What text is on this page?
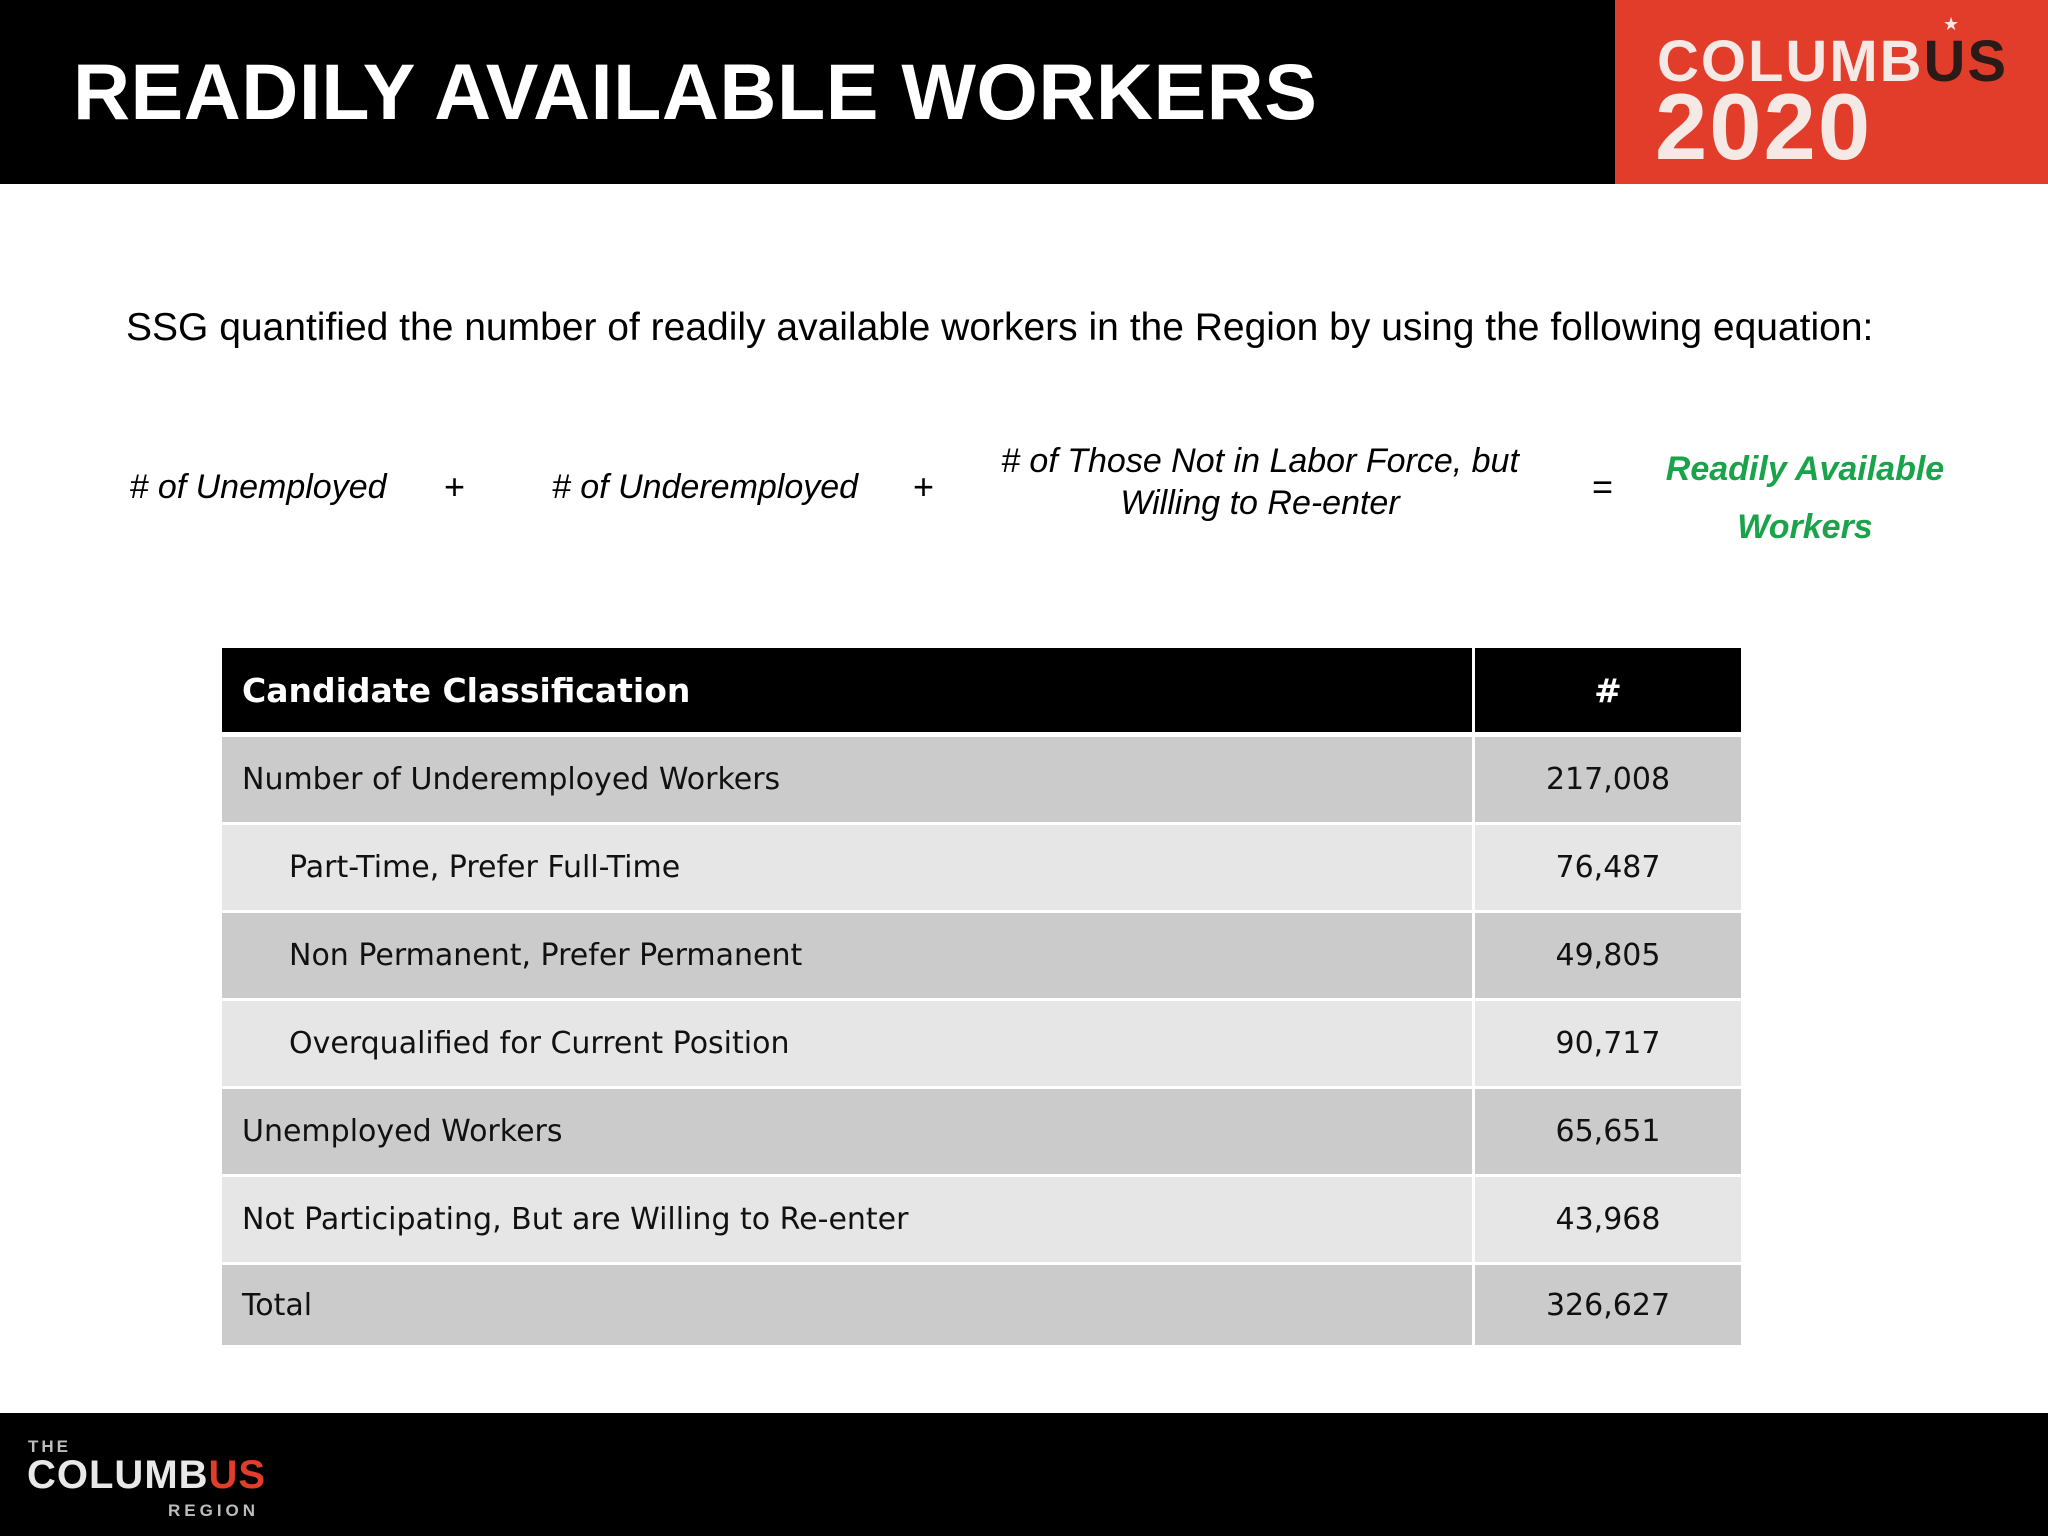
READILY AVAILABLE WORKERS	COLUMBUS
★
2020
SSG quantified the number of readily available workers in the Region by using the following equation:
# of Unemployed +	# of Underemployed +
# of Those Not in Labor Force, but
Willing to Re-enter	=	Readily Available
Workers
Candidate Classification	#
Number of Underemployed Workers	217,008
Part-Time, Prefer Full-Time	76,487
Non Permanent, Prefer Permanent	49,805
Overqualified for Current Position	90,717
Unemployed Workers	65,651
Not Participating, But are Willing to Re-enter	43,968
Total	326,627
THE
COLUMBUS
REGION
